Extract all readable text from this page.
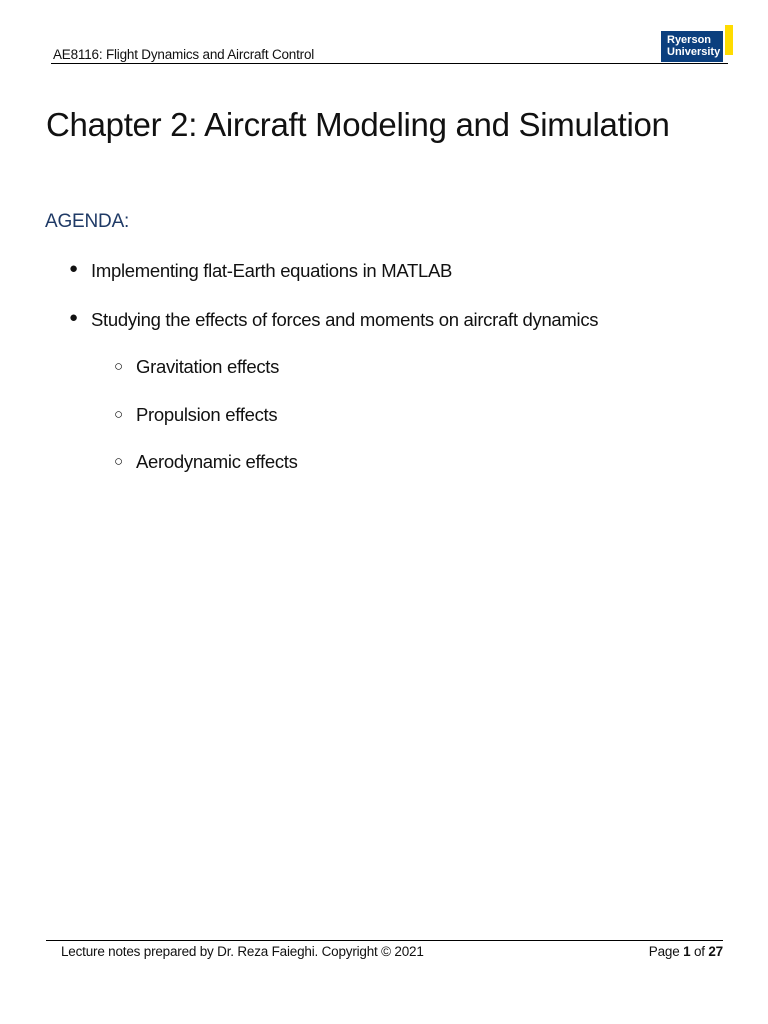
AE8116: Flight Dynamics and Aircraft Control
Ryerson
University
Chapter 2: Aircraft Modeling and Simulation
AGENDA:
● Implementing flat-Earth equations in MATLAB
● Studying the effects of forces and moments on aircraft dynamics
○ Gravitation effects
○ Propulsion effects
○ Aerodynamic effects
Lecture notes prepared by Dr. Reza Faieghi. Copyright © 2021	Page 1 of 27
